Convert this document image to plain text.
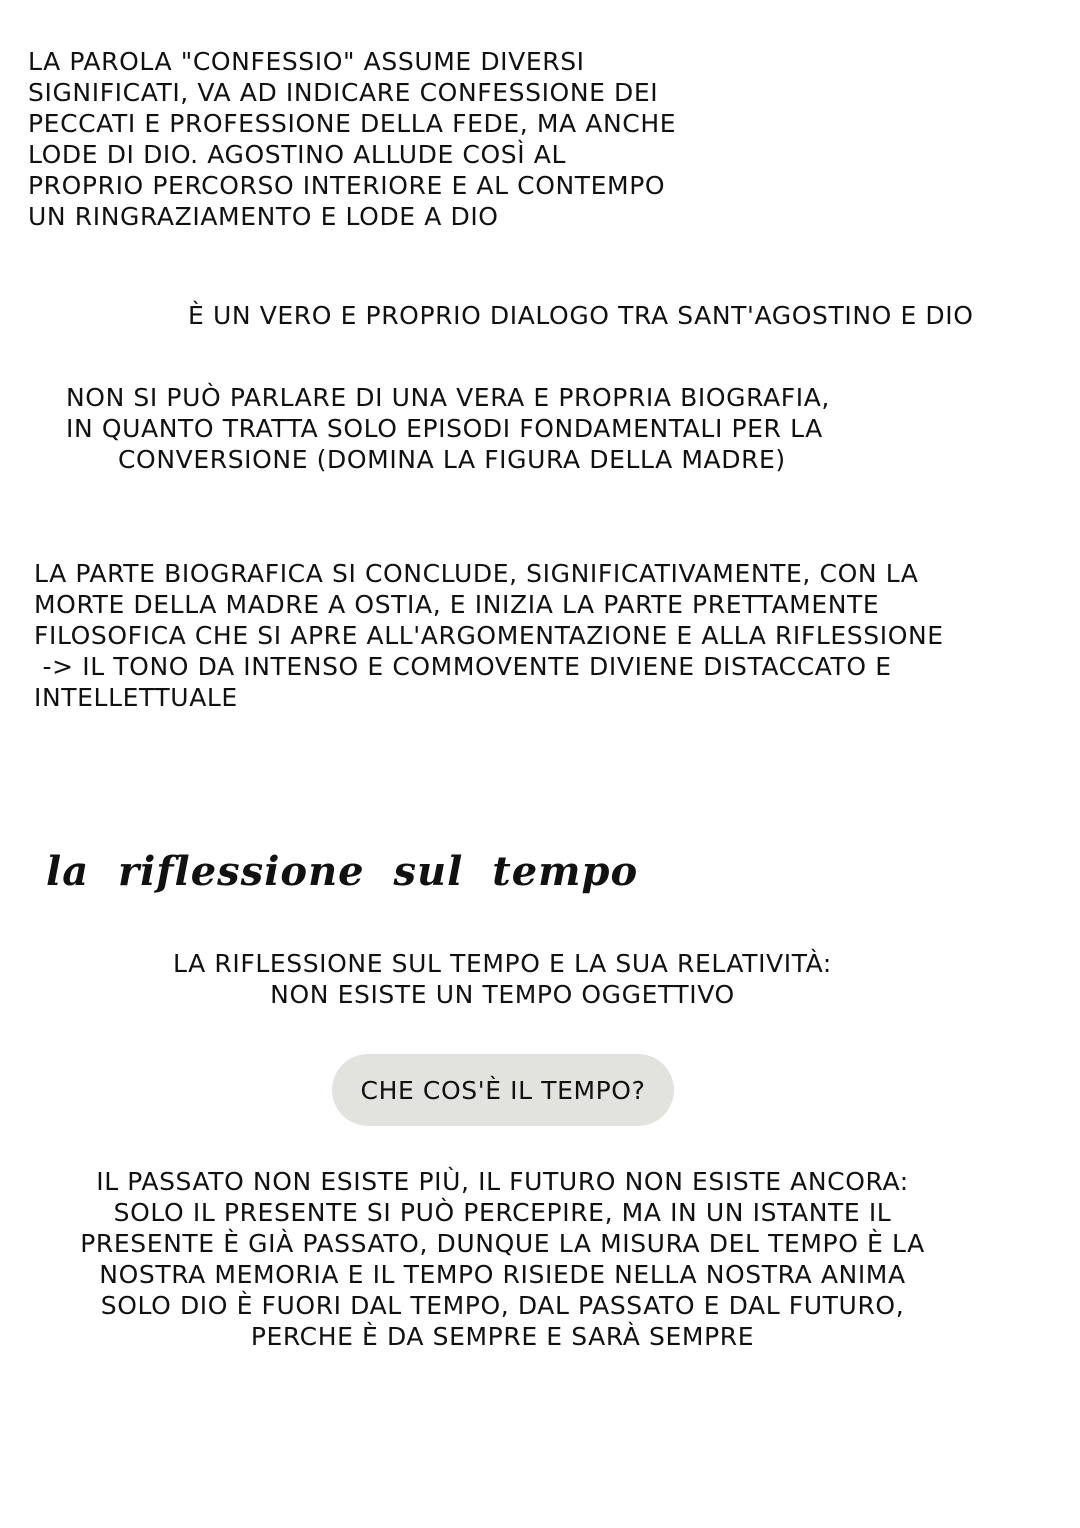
LA PAROLA "CONFESSIO" ASSUME DIVERSI
SIGNIFICATI, VA AD INDICARE CONFESSIONE DEI
PECCATI E PROFESSIONE DELLA FEDE, MA ANCHE
LODE DI DIO. AGOSTINO ALLUDE COSÌ AL
PROPRIO PERCORSO INTERIORE E AL CONTEMPO
UN RINGRAZIAMENTO E LODE A DIO
È UN VERO E PROPRIO DIALOGO TRA SANT'AGOSTINO E DIO
NON SI PUÒ PARLARE DI UNA VERA E PROPRIA BIOGRAFIA,
IN QUANTO TRATTA SOLO EPISODI FONDAMENTALI PER LA
CONVERSIONE (DOMINA LA FIGURA DELLA MADRE)
LA PARTE BIOGRAFICA SI CONCLUDE, SIGNIFICATIVAMENTE, CON LA
MORTE DELLA MADRE A OSTIA, E INIZIA LA PARTE PRETTAMENTE
FILOSOFICA CHE SI APRE ALL'ARGOMENTAZIONE E ALLA RIFLESSIONE
-> IL TONO DA INTENSO E COMMOVENTE DIVIENE DISTACCATO E
INTELLETTUALE
la riflessione sul tempo
LA RIFLESSIONE SUL TEMPO E LA SUA RELATIVITÀ:
NON ESISTE UN TEMPO OGGETTIVO
CHE COS'È IL TEMPO?
IL PASSATO NON ESISTE PIÙ, IL FUTURO NON ESISTE ANCORA:
SOLO IL PRESENTE SI PUÒ PERCEPIRE, MA IN UN ISTANTE IL
PRESENTE È GIÀ PASSATO, DUNQUE LA MISURA DEL TEMPO È LA
NOSTRA MEMORIA E IL TEMPO RISIEDE NELLA NOSTRA ANIMA
SOLO DIO È FUORI DAL TEMPO, DAL PASSATO E DAL FUTURO,
PERCHE È DA SEMPRE E SARÀ SEMPRE
